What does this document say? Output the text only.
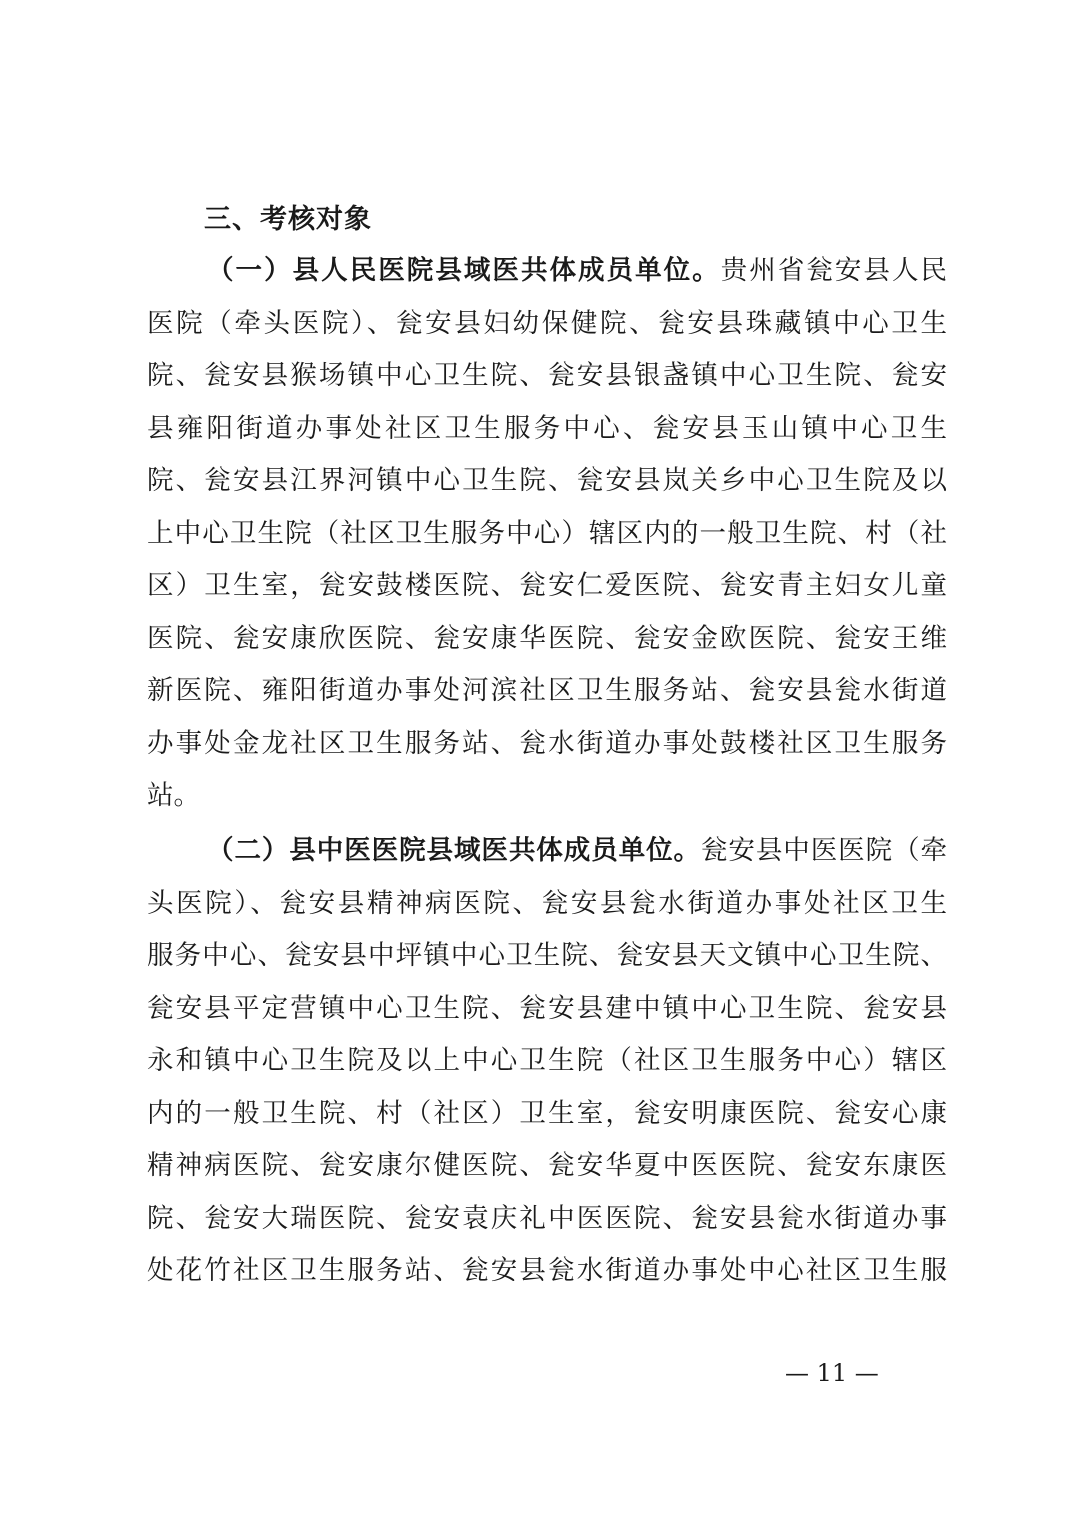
三、考核对象
（一）县人民医院县域医共体成员单位。贵州省瓮安县人民
医院（牵头医院）、瓮安县妇幼保健院、瓮安县珠藏镇中心卫生
院、瓮安县猴场镇中心卫生院、瓮安县银盏镇中心卫生院、瓮安
县雍阳街道办事处社区卫生服务中心、瓮安县玉山镇中心卫生
院、瓮安县江界河镇中心卫生院、瓮安县岚关乡中心卫生院及以
上中心卫生院（社区卫生服务中心）辖区内的一般卫生院、村（社
区）卫生室，瓮安鼓楼医院、瓮安仁爱医院、瓮安青主妇女儿童
医院、瓮安康欣医院、瓮安康华医院、瓮安金欧医院、瓮安王维
新医院、雍阳街道办事处河滨社区卫生服务站、瓮安县瓮水街道
办事处金龙社区卫生服务站、瓮水街道办事处鼓楼社区卫生服务
站。
（二）县中医医院县域医共体成员单位。瓮安县中医医院（牵
头医院）、瓮安县精神病医院、瓮安县瓮水街道办事处社区卫生
服务中心、瓮安县中坪镇中心卫生院、瓮安县天文镇中心卫生院、
瓮安县平定营镇中心卫生院、瓮安县建中镇中心卫生院、瓮安县
永和镇中心卫生院及以上中心卫生院（社区卫生服务中心）辖区
内的一般卫生院、村（社区）卫生室，瓮安明康医院、瓮安心康
精神病医院、瓮安康尔健医院、瓮安华夏中医医院、瓮安东康医
院、瓮安大瑞医院、瓮安袁庆礼中医医院、瓮安县瓮水街道办事
处花竹社区卫生服务站、瓮安县瓮水街道办事处中心社区卫生服
— 11 —
